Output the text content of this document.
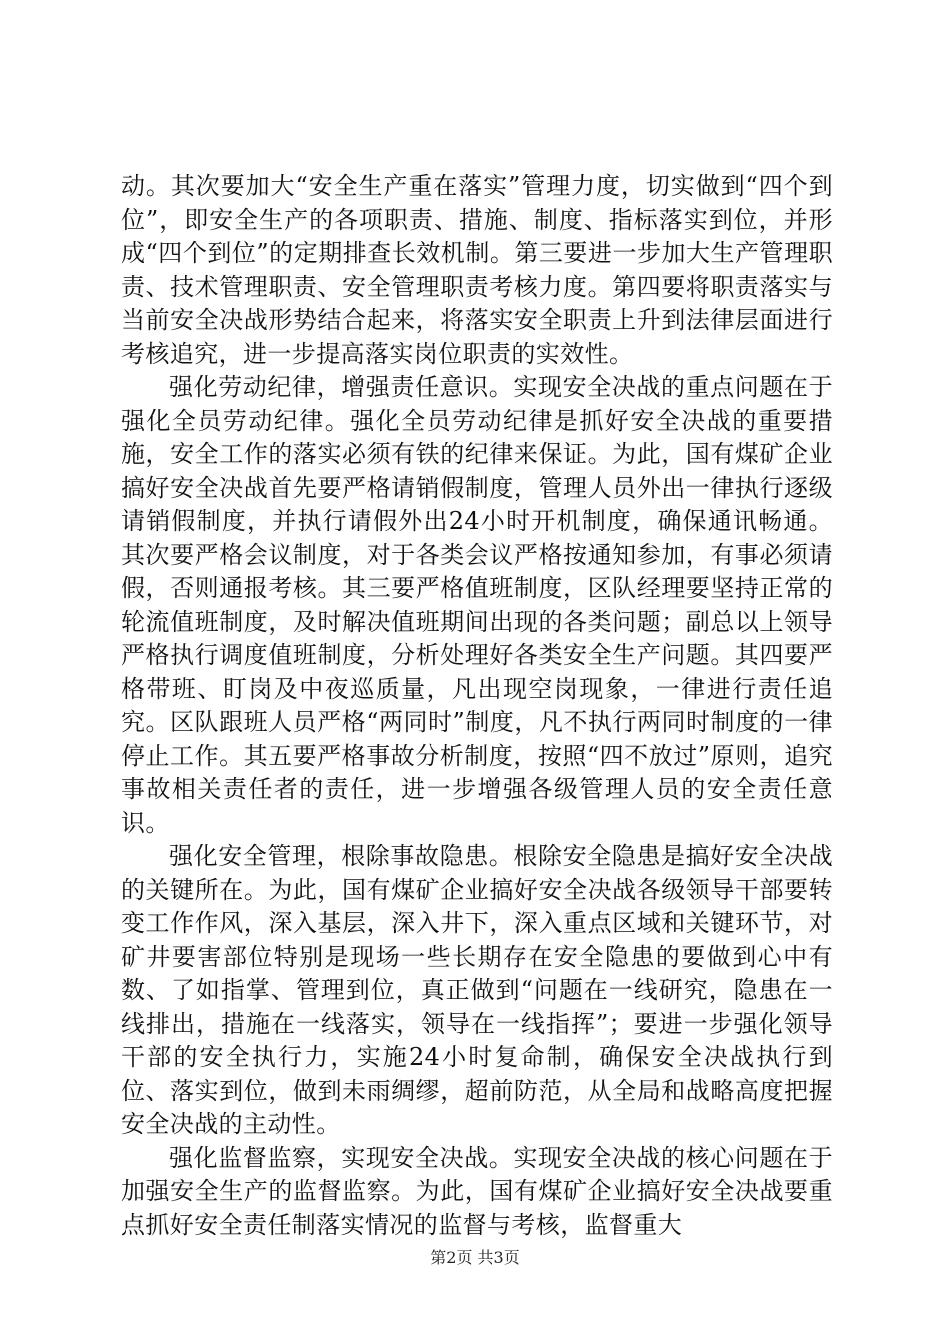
动。其次要加大“安全生产重在落实”管理力度，切实做到“四个到位”，即安全生产的各项职责、措施、制度、指标落实到位，并形成“四个到位”的定期排查长效机制。第三要进一步加大生产管理职责、技术管理职责、安全管理职责考核力度。第四要将职责落实与当前安全决战形势结合起来，将落实安全职责上升到法律层面进行考核追究，进一步提高落实岗位职责的实效性。

强化劳动纪律，增强责任意识。实现安全决战的重点问题在于强化全员劳动纪律。强化全员劳动纪律是抓好安全决战的重要措施，安全工作的落实必须有铁的纪律来保证。为此，国有煤矿企业搞好安全决战首先要严格请销假制度，管理人员外出一律执行逐级请销假制度，并执行请假外出24小时开机制度，确保通讯畅通。其次要严格会议制度，对于各类会议严格按通知参加，有事必须请假，否则通报考核。其三要严格值班制度，区队经理要坚持正常的轮流值班制度，及时解决值班期间出现的各类问题；副总以上领导严格执行调度值班制度，分析处理好各类安全生产问题。其四要严格带班、盯岗及中夜巡质量，凡出现空岗现象，一律进行责任追究。区队跟班人员严格“两同时”制度，凡不执行两同时制度的一律停止工作。其五要严格事故分析制度，按照“四不放过”原则，追究事故相关责任者的责任，进一步增强各级管理人员的安全责任意识。

强化安全管理，根除事故隐患。根除安全隐患是搞好安全决战的关键所在。为此，国有煤矿企业搞好安全决战各级领导干部要转变工作作风，深入基层，深入井下，深入重点区域和关键环节，对矿井要害部位特别是现场一些长期存在安全隐患的要做到心中有数、了如指掌、管理到位，真正做到“问题在一线研究，隐患在一线排出，措施在一线落实，领导在一线指挥”；要进一步强化领导干部的安全执行力，实施24小时复命制，确保安全决战执行到位、落实到位，做到未雨绸缪，超前防范，从全局和战略高度把握安全决战的主动性。

强化监督监察，实现安全决战。实现安全决战的核心问题在于加强安全生产的监督监察。为此，国有煤矿企业搞好安全决战要重点抓好安全责任制落实情况的监督与考核，监督重大

第2页 共3页
